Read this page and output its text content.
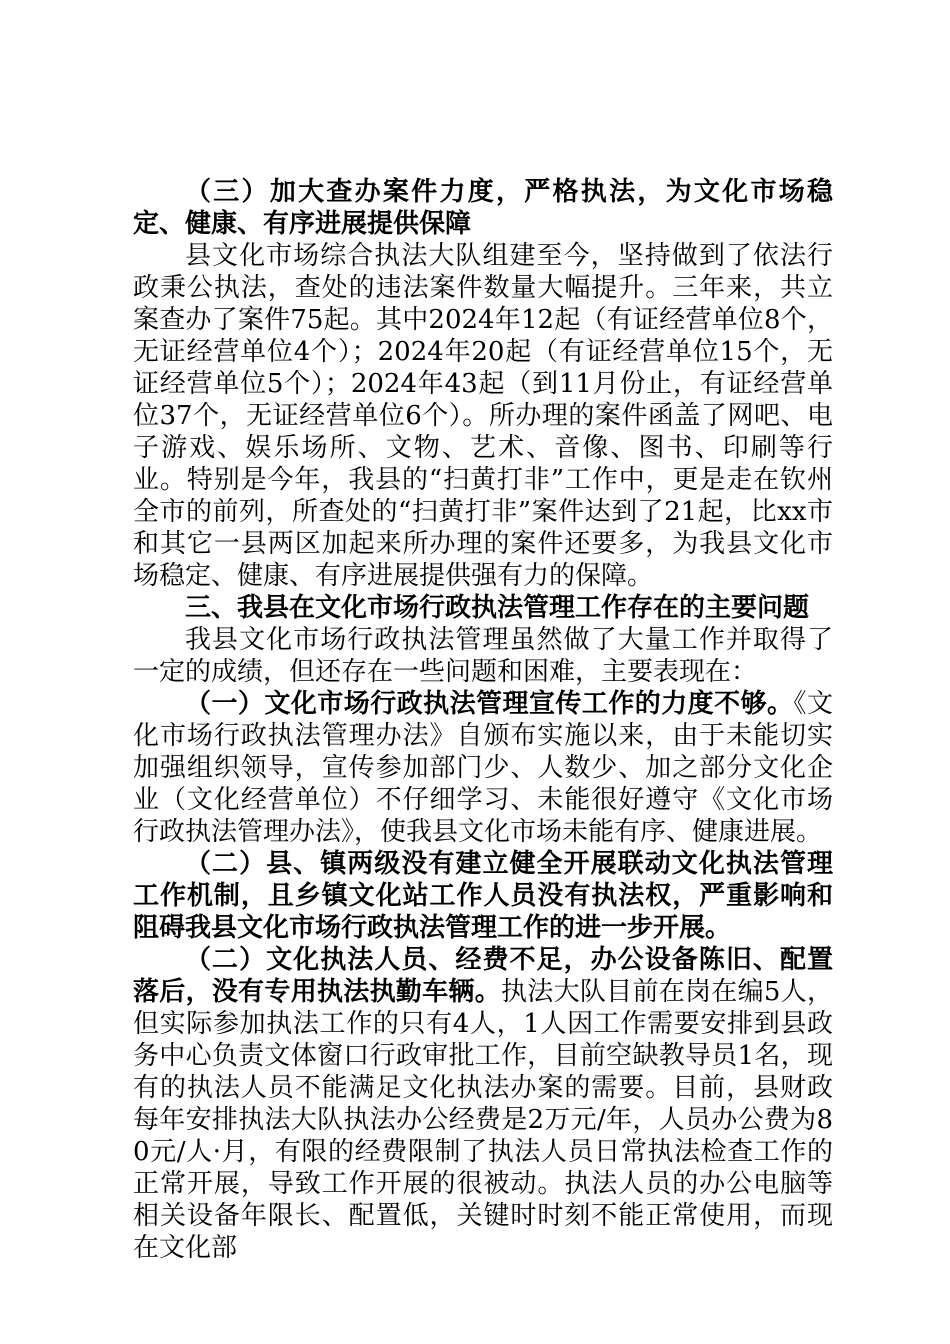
（三）加大查办案件力度，严格执法，为文化市场稳定、健康、有序进展提供保障

县文化市场综合执法大队组建至今，坚持做到了依法行政秉公执法，查处的违法案件数量大幅提升。三年来，共立案查办了案件75起。其中2024年12起（有证经营单位8个，无证经营单位4个）；2024年20起（有证经营单位15个，无证经营单位5个）；2024年43起（到11月份止，有证经营单位37个，无证经营单位6个）。所办理的案件函盖了网吧、电子游戏、娱乐场所、文物、艺术、音像、图书、印刷等行业。特别是今年，我县的“扫黄打非”工作中，更是走在钦州全市的前列，所查处的“扫黄打非”案件达到了21起，比xx市和其它一县两区加起来所办理的案件还要多，为我县文化市场稳定、健康、有序进展提供强有力的保障。

三、我县在文化市场行政执法管理工作存在的主要问题

我县文化市场行政执法管理虽然做了大量工作并取得了一定的成绩，但还存在一些问题和困难，主要表现在：

（一）文化市场行政执法管理宣传工作的力度不够。《文化市场行政执法管理办法》自颁布实施以来，由于未能切实加强组织领导，宣传参加部门少、人数少、加之部分文化企业（文化经营单位）不仔细学习、未能很好遵守《文化市场行政执法管理办法》，使我县文化市场未能有序、健康进展。

（二）县、镇两级没有建立健全开展联动文化执法管理工作机制，且乡镇文化站工作人员没有执法权，严重影响和阻碍我县文化市场行政执法管理工作的进一步开展。

（二）文化执法人员、经费不足，办公设备陈旧、配置落后，没有专用执法执勤车辆。执法大队目前在岗在编5人，但实际参加执法工作的只有4人，1人因工作需要安排到县政务中心负责文体窗口行政审批工作，目前空缺教导员1名，现有的执法人员不能满足文化执法办案的需要。目前，县财政每年安排执法大队执法办公经费是2万元/年，人员办公费为80元/人·月，有限的经费限制了执法人员日常执法检查工作的正常开展，导致工作开展的很被动。执法人员的办公电脑等相关设备年限长、配置低，关键时时刻不能正常使用，而现在文化部
